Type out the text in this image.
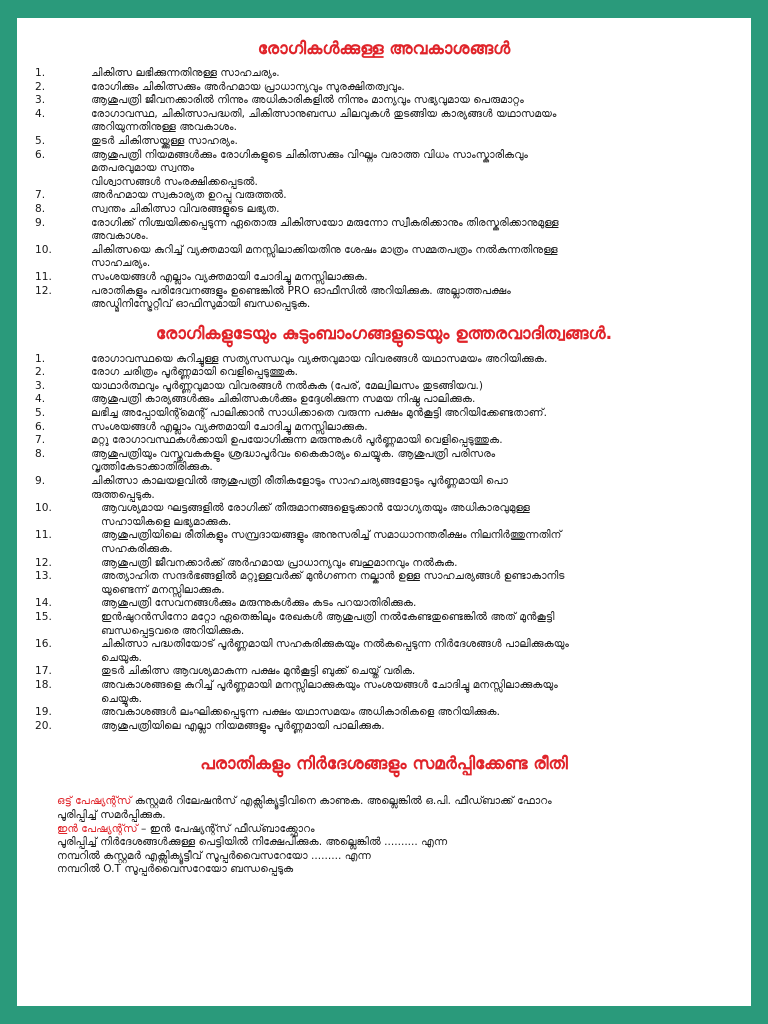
രോഗികൾക്കുള്ള അവകാശങ്ങൾ
1.	ചികിത്സ ലഭിക്കുന്നതിനുള്ള സാഹചര്യം.
2.	രോഗിക്കും ചികിത്സക്കും അർഹമായ പ്രാധാന്യവും സുരക്ഷിതത്വവും.
3.	ആശുപത്രി ജീവനക്കാരിൽ നിന്നും അധികാരികളിൽ നിന്നും മാന്യവും സഭ്യവുമായ പെരുമാറ്റം
4.	രോഗാവസ്ഥ, ചികിത്സാപദ്ധതി, ചികിത്സാനുബന്ധ ചിലവുകൾ തുടങ്ങിയ കാര്യങ്ങൾ യഥാസമയം
അറിയുന്നതിനുള്ള അവകാശം.
5.	തുടർ ചികിത്സയ്ക്കുള്ള സാഹര്യം.
6.	ആശുപത്രി നിയമങ്ങൾക്കും രോഗികളുടെ ചികിത്സക്കും വിഘ്നം വരാത്ത വിധം സാംസ്കാരികവും
മതപരവുമായ സ്വന്തം
വിശ്വാസങ്ങൾ സംരക്ഷിക്കപ്പെടൽ.
7.	അർഹമായ സ്വകാര്യത ഉറപ്പു വരുത്തൽ.
8.	സ്വന്തം ചികിത്സാ വിവരങ്ങളുടെ ലഭ്യത.
9.	രോഗിക്ക് നിശ്ചയിക്കപ്പെടുന്ന ഏതൊരു ചികിത്സയോ മരുന്നോ സ്വീകരിക്കാനും തിരസ്കരിക്കാനുമുള്ള
അവകാശം.
10.	ചികിത്സയെ കുറിച്ച് വ്യക്തമായി മനസ്സിലാക്കിയതിനു ശേഷം മാത്രം സമ്മതപത്രം നൽകുന്നതിനുള്ള
സാഹചര്യം.
11.	സംശയങ്ങൾ എല്ലാം വ്യക്തമായി ചോദിച്ചു മനസ്സിലാക്കുക.
12.	പരാതികളും പരിദേവനങ്ങളും ഉണ്ടെങ്കിൽ PRO ഓഫീസിൽ അറിയിക്കുക. അല്ലാത്തപക്ഷം
അഡ്മിനിസ്ട്രേറ്റീവ് ഓഫിസുമായി ബന്ധപ്പെടുക.
രോഗികളുടേയും കുടുംബാംഗങ്ങളുടെയും ഉത്തരവാദിത്വങ്ങൾ.
1.	രോഗാവസ്ഥയെ കുറിച്ചുള്ള സത്യസന്ധവും വ്യക്തവുമായ വിവരങ്ങൾ യഥാസമയം അറിയിക്കുക.
2.	രോഗ ചരിത്രം പൂർണ്ണമായി വെളിപ്പെടുത്തുക.
3.	യാഥാർത്ഥവും പൂർണ്ണവുമായ വിവരങ്ങൾ നൽകുക (പേര്, മേല്വിലസം തുടങ്ങിയവ.)
4.	ആശുപത്രി കാര്യങ്ങൾക്കും ചികിത്സകൾക്കും ഉദ്ദേശിക്കുന്ന സമയ നിഷ്ഠ പാലിക്കുക.
5.	ലഭിച്ച അപ്പോയിന്റ്മെന്റ് പാലിക്കാൻ സാധിക്കാതെ വരുന്ന പക്ഷം മുൻകൂട്ടി അറിയിക്കേണ്ടതാണ്.
6.	സംശയങ്ങൾ എല്ലാം വ്യക്തമായി ചോദിച്ചു മനസ്സിലാക്കുക.
7.	മറ്റു രോഗാവസ്ഥകൾക്കായി ഉപയോഗിക്കുന്ന മരുന്നുകൾ പൂർണ്ണമായി വെളിപ്പെടുത്തുക.
8.	ആശുപത്രിയും വസ്തുവകകളും ശ്രദ്ധാപൂർവം കൈകാര്യം ചെയ്യുക. ആശുപത്രി പരിസരം
വൃത്തികേടാക്കാതിരിക്കുക.
9.	ചികിത്സാ കാലയളവിൽ ആശുപത്രി രീതികളോടും സാഹചര്യങ്ങളോടും പൂർണ്ണമായി പൊ
രുത്തപ്പെടുക.
10.	ആവശ്യമായ ഘട്ടങ്ങളിൽ രോഗിക്ക് തീരുമാനങ്ങളെടുക്കാൻ യോഗ്യതയും അധികാരവുമുള്ള
സഹായികളെ ലഭ്യമാക്കുക.
11.	ആശുപത്രിയിലെ രീതികളും സമ്പ്രദായങ്ങളും അനുസരിച്ച് സമാധാനന്തരീക്ഷം നിലനിർത്തുന്നതിന്
സഹകരിക്കുക.
12.	ആശുപത്രി ജീവനക്കാർക്ക് അർഹമായ പ്രാധാന്യവും ബഹുമാനവും നൽകുക.
13.	അത്യാഹിത സന്ദർഭങ്ങളിൽ മറ്റുള്ളവർക്ക് മുൻഗണന നല്കാൻ ഉള്ള സാഹചര്യങ്ങൾ ഉണ്ടാകാനിട
യുണ്ടെന്ന് മനസ്സിലാക്കുക.
14.	ആശുപത്രി സേവനങ്ങൾക്കും മരുന്നുകൾക്കും കടം പറയാതിരിക്കുക.
15.	ഇൻഷുറൻസിനോ മറ്റോ ഏതെങ്കിലും രേഖകൾ ആശുപത്രി നൽകേണ്ടതുണ്ടെങ്കിൽ അത് മുൻകൂട്ടി
ബന്ധപ്പെട്ടവരെ അറിയിക്കുക.
16.	ചികിത്സാ പദ്ധതിയോട് പൂർണ്ണമായി സഹകരിക്കുകയും നൽകപ്പെടുന്ന നിർദേശങ്ങൾ പാലിക്കുകയും
ചെയുക.
17.	തുടർ ചികിത്സ ആവശ്യമാകുന്ന പക്ഷം മുൻകൂട്ടി ബുക്ക് ചെയ്ത് വരിക.
18.	അവകാശങ്ങളെ കുറിച്ച് പൂർണ്ണമായി മനസ്സിലാക്കുകയും സംശയങ്ങൾ ചോദിച്ചു മനസ്സിലാക്കുകയും
ചെയ്യുക.
19.	അവകാശങ്ങൾ ലംഘിക്കപ്പെടുന്ന പക്ഷം യഥാസമയം അധികാരികളെ അറിയിക്കുക.
20.	ആശുപത്രിയിലെ എല്ലാ നിയമങ്ങളും പൂർണ്ണമായി പാലിക്കുക.
പരാതികളും നിർദേശങ്ങളും സമർപ്പിക്കേണ്ട രീതി
ഒട്ട് പേഷ്യന്റ്സ് കസ്റ്റമർ റിലേഷൻസ് എക്സിക്യൂട്ടീവിനെ കാണുക. അല്ലെങ്കിൽ ഒ.പി. ഫീഡ്ബാക്ക് ഫോറം
പൂരിപ്പിച്ച് സമർപ്പിക്കുക.
ഇൻ പേഷ്യന്റ്സ് – ഇൻ പേഷ്യന്റ്സ് ഫീഡ്ബാക്ക്ഫോറം
പൂരിപ്പിച്ച് നിർദേശങ്ങൾക്കുള്ള പെട്ടിയിൽ നിക്ഷേപിക്കുക. അല്ലെങ്കിൽ .......... എന്ന
നമ്പറിൽ കസ്റ്റമർ എക്സിക്യൂട്ടീവ് സൂപ്പർവൈസറേയോ ......... എന്ന
നമ്പറിൽ O.T സൂപ്പർവൈസറേയോ ബന്ധപ്പെടുക
